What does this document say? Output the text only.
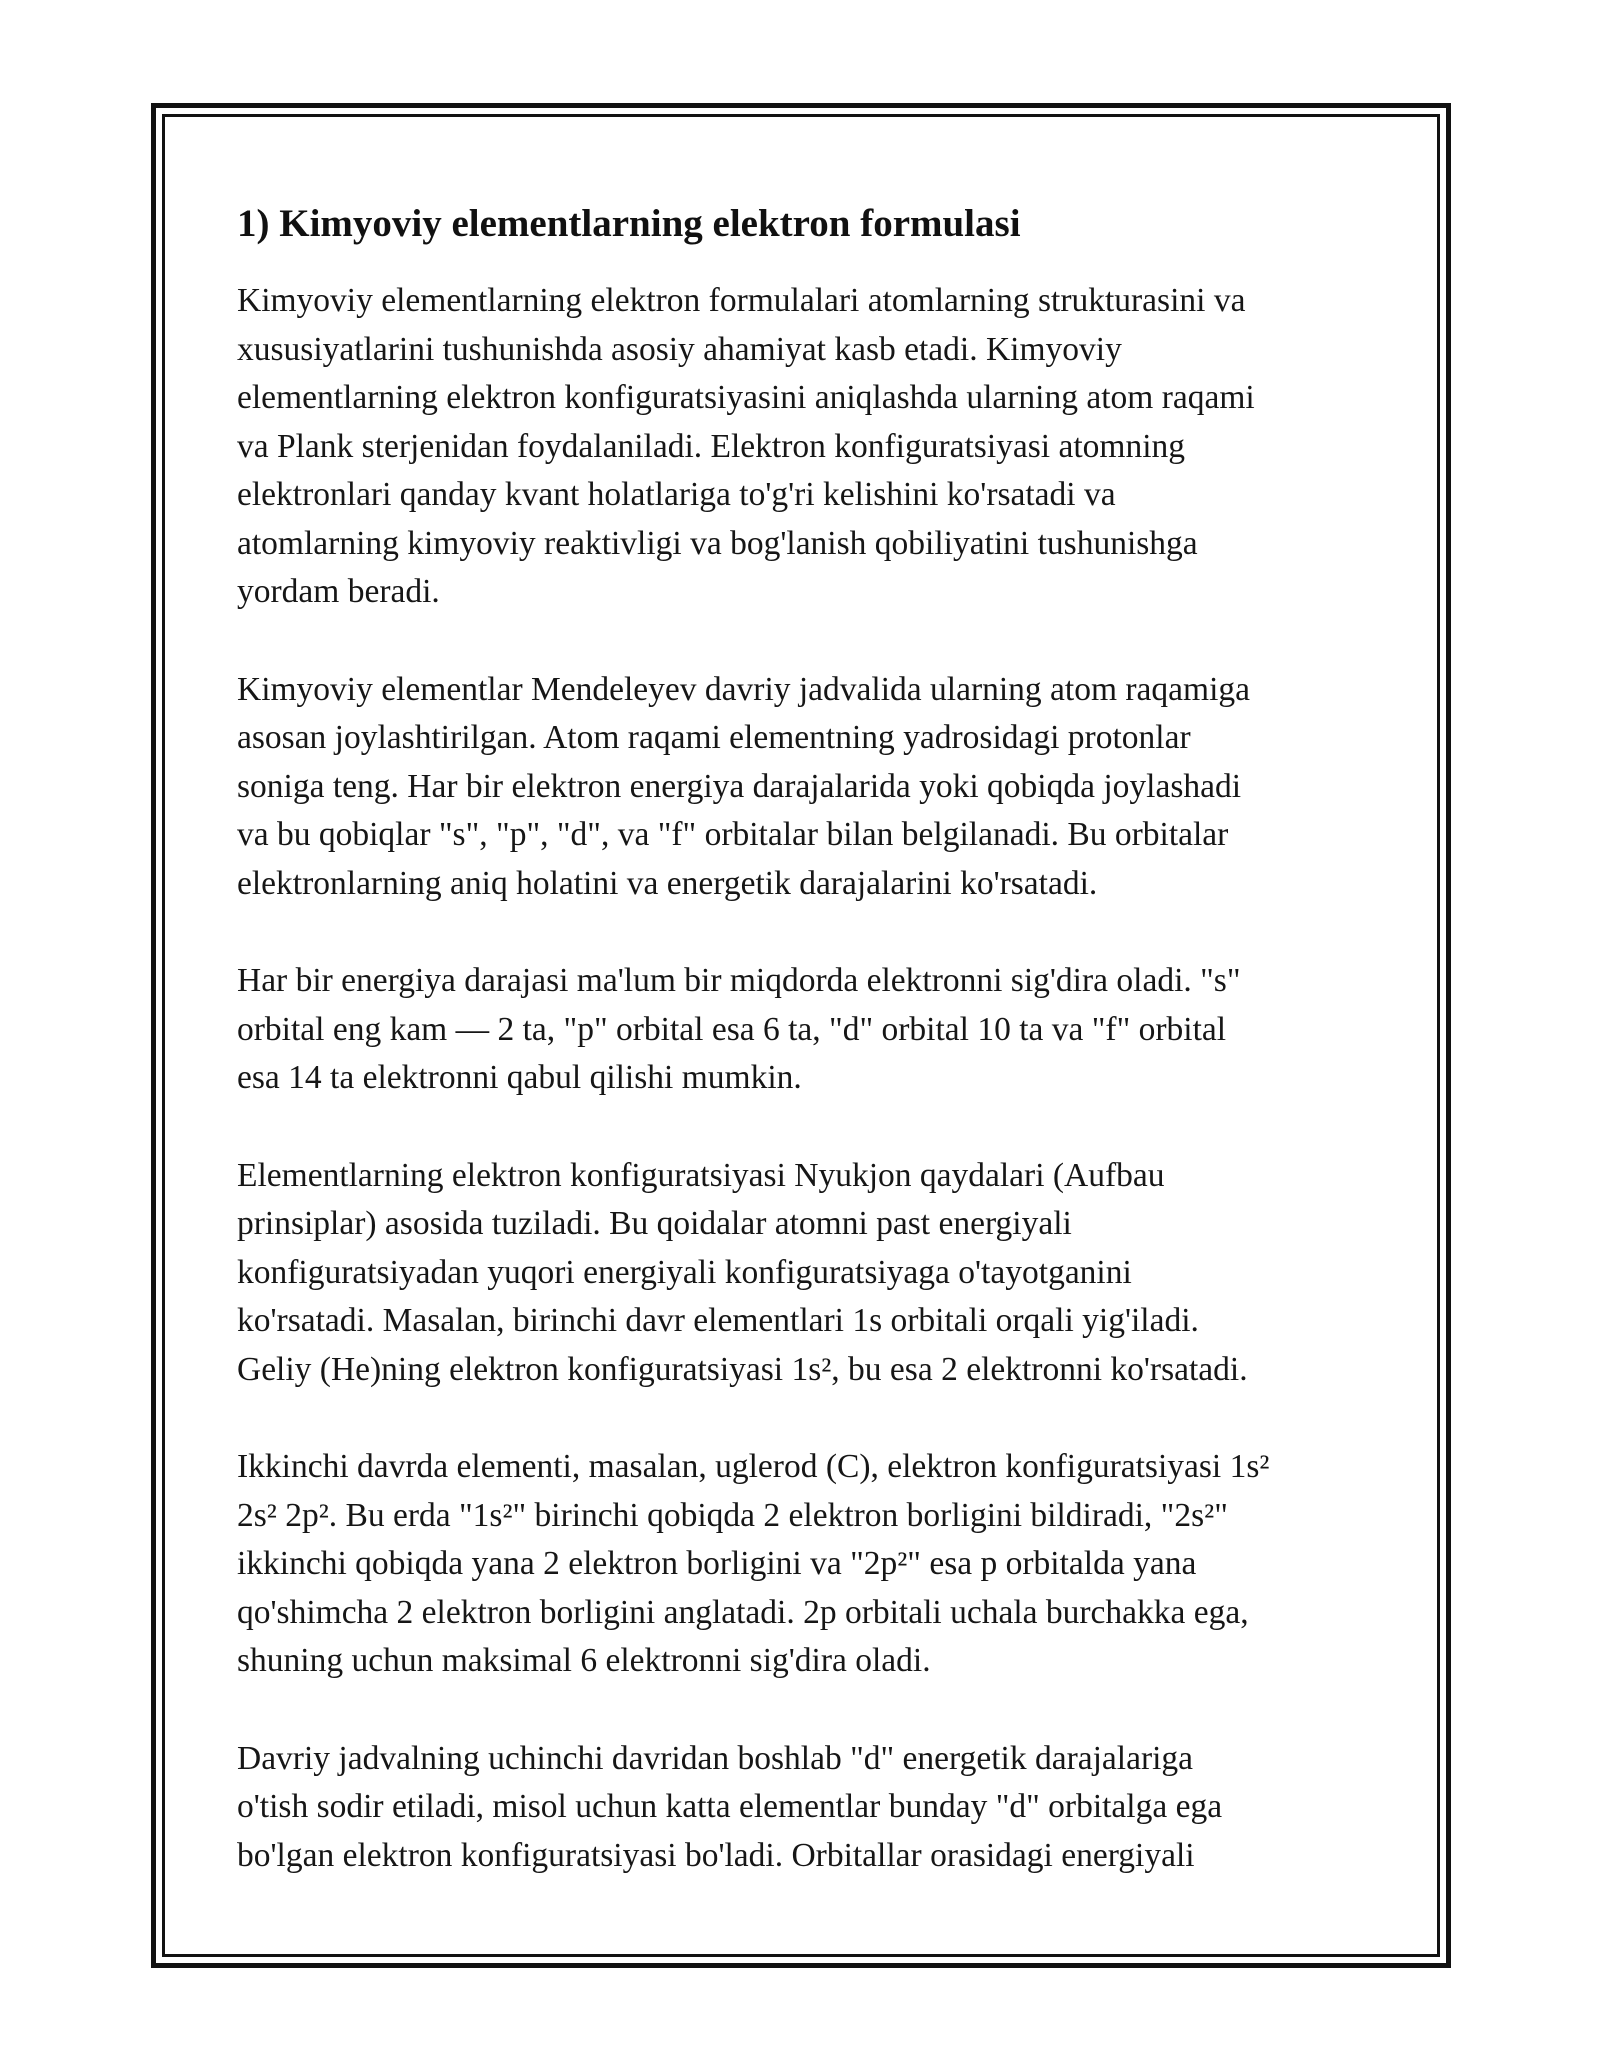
1) Kimyoviy elementlarning elektron formulasi

Kimyoviy elementlarning elektron formulalari atomlarning strukturasini va
xususiyatlarini tushunishda asosiy ahamiyat kasb etadi. Kimyoviy
elementlarning elektron konfiguratsiyasini aniqlashda ularning atom raqami
va Plank sterjenidan foydalaniladi. Elektron konfiguratsiyasi atomning
elektronlari qanday kvant holatlariga to'g'ri kelishini ko'rsatadi va
atomlarning kimyoviy reaktivligi va bog'lanish qobiliyatini tushunishga
yordam beradi.

Kimyoviy elementlar Mendeleyev davriy jadvalida ularning atom raqamiga
asosan joylashtirilgan. Atom raqami elementning yadrosidagi protonlar
soniga teng. Har bir elektron energiya darajalarida yoki qobiqda joylashadi
va bu qobiqlar "s", "p", "d", va "f" orbitalar bilan belgilanadi. Bu orbitalar
elektronlarning aniq holatini va energetik darajalarini ko'rsatadi.

Har bir energiya darajasi ma'lum bir miqdorda elektronni sig'dira oladi. "s"
orbital eng kam — 2 ta, "p" orbital esa 6 ta, "d" orbital 10 ta va "f" orbital
esa 14 ta elektronni qabul qilishi mumkin.

Elementlarning elektron konfiguratsiyasi Nyukjon qaydalari (Aufbau
prinsiplar) asosida tuziladi. Bu qoidalar atomni past energiyali
konfiguratsiyadan yuqori energiyali konfiguratsiyaga o'tayotganini
ko'rsatadi. Masalan, birinchi davr elementlari 1s orbitali orqali yig'iladi.
Geliy (He)ning elektron konfiguratsiyasi 1s², bu esa 2 elektronni ko'rsatadi.

Ikkinchi davrda elementi, masalan, uglerod (C), elektron konfiguratsiyasi 1s²
2s² 2p². Bu erda "1s²" birinchi qobiqda 2 elektron borligini bildiradi, "2s²"
ikkinchi qobiqda yana 2 elektron borligini va "2p²" esa p orbitalda yana
qo'shimcha 2 elektron borligini anglatadi. 2p orbitali uchala burchakka ega,
shuning uchun maksimal 6 elektronni sig'dira oladi.

Davriy jadvalning uchinchi davridan boshlab "d" energetik darajalariga
o'tish sodir etiladi, misol uchun katta elementlar bunday "d" orbitalga ega
bo'lgan elektron konfiguratsiyasi bo'ladi. Orbitallar orasidagi energiyali
